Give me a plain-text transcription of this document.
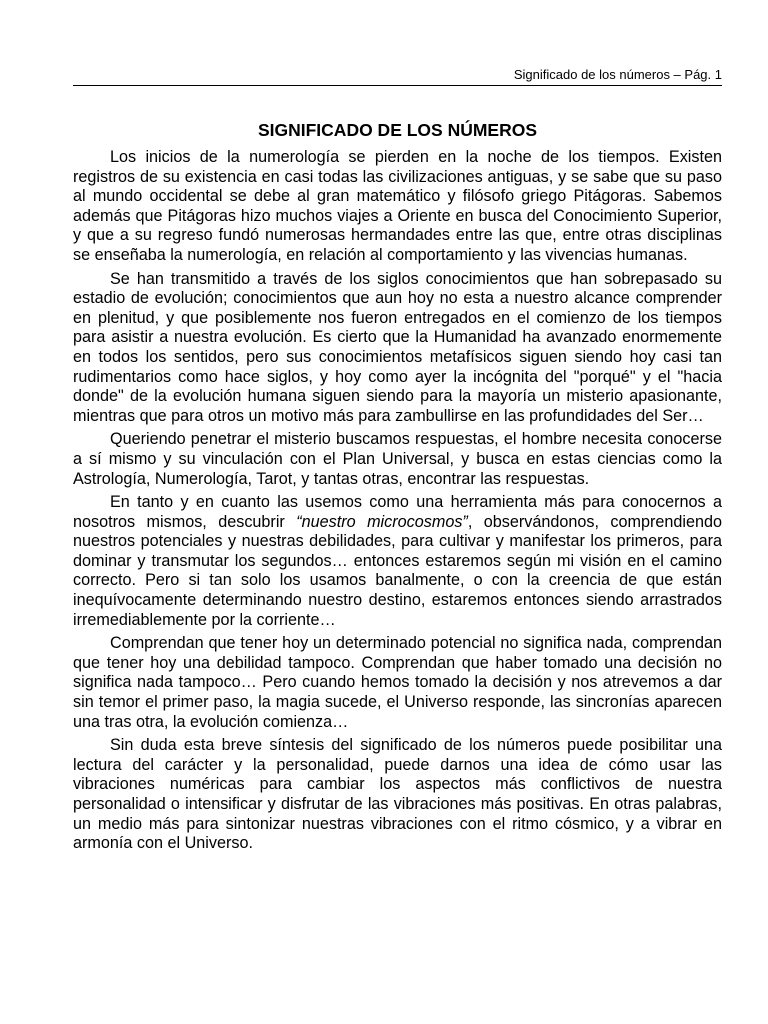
Significado de los números – Pág. 1
SIGNIFICADO DE LOS NÚMEROS

Los inicios de la numerología se pierden en la noche de los tiempos. Existen registros de su existencia en casi todas las civilizaciones antiguas, y se sabe que su paso al mundo occidental se debe al gran matemático y filósofo griego Pitágoras. Sabemos además que Pitágoras hizo muchos viajes a Oriente en busca del Conocimiento Superior, y que a su regreso fundó numerosas hermandades entre las que, entre otras disciplinas se enseñaba la numerología, en relación al comportamiento y las vivencias humanas.

Se han transmitido a través de los siglos conocimientos que han sobrepasado su estadio de evolución; conocimientos que aun hoy no esta a nuestro alcance comprender en plenitud, y que posiblemente nos fueron entregados en el comienzo de los tiempos para asistir a nuestra evolución. Es cierto que la Humanidad ha avanzado enormemente en todos los sentidos, pero sus conocimientos metafísicos siguen siendo hoy casi tan rudimentarios como hace siglos, y hoy como ayer la incógnita del "porqué" y el "hacia donde" de la evolución humana siguen siendo para la mayoría un misterio apasionante, mientras que para otros un motivo más para zambullirse en las profundidades del Ser…

Queriendo penetrar el misterio buscamos respuestas, el hombre necesita conocerse a sí mismo y su vinculación con el Plan Universal, y busca en estas ciencias como la Astrología, Numerología, Tarot, y tantas otras, encontrar las respuestas.

En tanto y en cuanto las usemos como una herramienta más para conocernos a nosotros mismos, descubrir “nuestro microcosmos”, observándonos, comprendiendo nuestros potenciales y nuestras debilidades, para cultivar y manifestar los primeros, para dominar y transmutar los segundos… entonces estaremos según mi visión en el camino correcto. Pero si tan solo los usamos banalmente, o con la creencia de que están inequívocamente determinando nuestro destino, estaremos entonces siendo arrastrados irremediablemente por la corriente…

Comprendan que tener hoy un determinado potencial no significa nada, comprendan que tener hoy una debilidad tampoco. Comprendan que haber tomado una decisión no significa nada tampoco… Pero cuando hemos tomado la decisión y nos atrevemos a dar sin temor el primer paso, la magia sucede, el Universo responde, las sincronías aparecen una tras otra, la evolución comienza…

Sin duda esta breve síntesis del significado de los números puede posibilitar una lectura del carácter y la personalidad, puede darnos una idea de cómo usar las vibraciones numéricas para cambiar los aspectos más conflictivos de nuestra personalidad o intensificar y disfrutar de las vibraciones más positivas. En otras palabras, un medio más para sintonizar nuestras vibraciones con el ritmo cósmico, y a vibrar en armonía con el Universo.
